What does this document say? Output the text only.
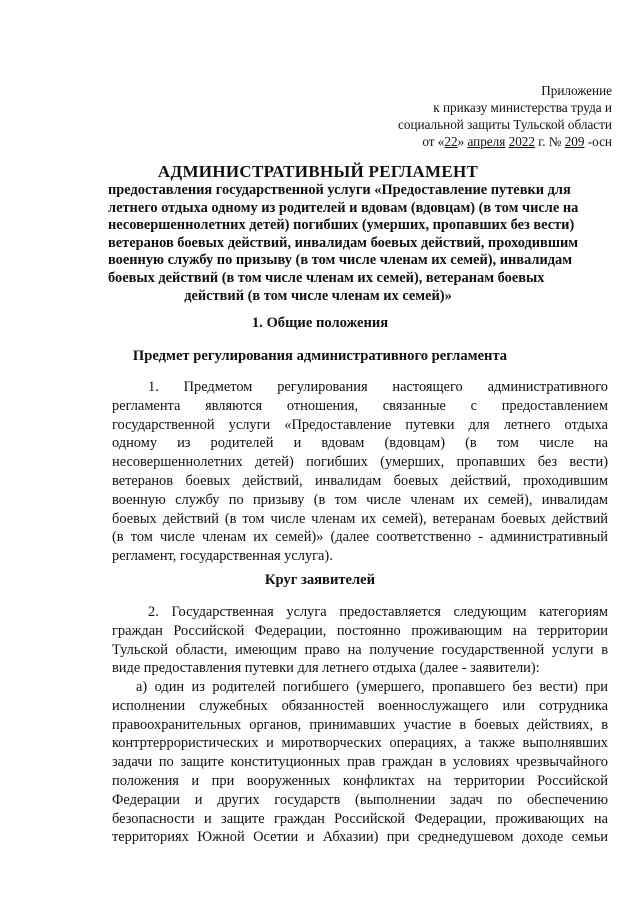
Приложение
к приказу министерства труда и
социальной защиты Тульской области
от «22» апреля 2022 г. № 209 -осн
АДМИНИСТРАТИВНЫЙ РЕГЛАМЕНТ
предоставления государственной услуги «Предоставление путевки для
летнего отдыха одному из родителей и вдовам (вдовцам) (в том числе на
несовершеннолетних детей) погибших (умерших, пропавших без вести)
ветеранов боевых действий, инвалидам боевых действий, проходившим
военную службу по призыву (в том числе членам их семей), инвалидам
боевых действий (в том числе членам их семей), ветеранам боевых
действий (в том числе членам их семей)»
1. Общие положения
Предмет регулирования административного регламента
1. Предметом регулирования настоящего административного
регламента являются отношения, связанные с предоставлением
государственной услуги «Предоставление путевки для летнего отдыха
одному из родителей и вдовам (вдовцам) (в том числе на
несовершеннолетних детей) погибших (умерших, пропавших без вести)
ветеранов боевых действий, инвалидам боевых действий, проходившим
военную службу по призыву (в том числе членам их семей), инвалидам
боевых действий (в том числе членам их семей), ветеранам боевых действий
(в том числе членам их семей)» (далее соответственно - административный
регламент, государственная услуга).
Круг заявителей
2. Государственная услуга предоставляется следующим категориям
граждан Российской Федерации, постоянно проживающим на территории
Тульской области, имеющим право на получение государственной услуги в
виде предоставления путевки для летнего отдыха (далее - заявители):
а) один из родителей погибшего (умершего, пропавшего без вести) при
исполнении служебных обязанностей военнослужащего или сотрудника
правоохранительных органов, принимавших участие в боевых действиях, в
контртеррористических и миротворческих операциях, а также выполнявших
задачи по защите конституционных прав граждан в условиях чрезвычайного
положения и при вооруженных конфликтах на территории Российской
Федерации и других государств (выполнении задач по обеспечению
безопасности и защите граждан Российской Федерации, проживающих на
территориях Южной Осетии и Абхазии) при среднедушевом доходе семьи
